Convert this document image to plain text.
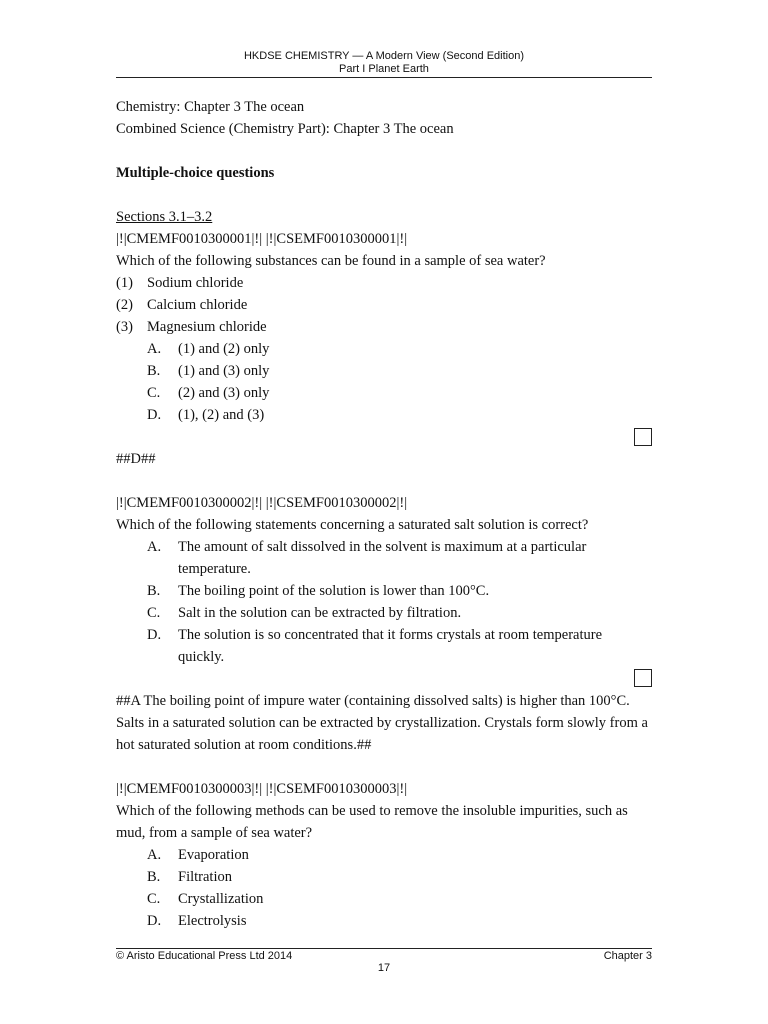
HKDSE CHEMISTRY — A Modern View (Second Edition)
Part I Planet Earth
Chemistry: Chapter 3 The ocean
Combined Science (Chemistry Part): Chapter 3 The ocean
Multiple-choice questions
Sections 3.1–3.2
|!|CMEMF0010300001|!| |!|CSEMF0010300001|!|
Which of the following substances can be found in a sample of sea water?
(1) Sodium chloride
(2) Calcium chloride
(3) Magnesium chloride
A.	(1) and (2) only
B.	(1) and (3) only
C.	(2) and (3) only
D.	(1), (2) and (3)
##D##
|!|CMEMF0010300002|!| |!|CSEMF0010300002|!|
Which of the following statements concerning a saturated salt solution is correct?
A.	The amount of salt dissolved in the solvent is maximum at a particular temperature.
B.	The boiling point of the solution is lower than 100°C.
C.	Salt in the solution can be extracted by filtration.
D.	The solution is so concentrated that it forms crystals at room temperature quickly.
##A The boiling point of impure water (containing dissolved salts) is higher than 100°C. Salts in a saturated solution can be extracted by crystallization. Crystals form slowly from a hot saturated solution at room conditions.##
|!|CMEMF0010300003|!| |!|CSEMF0010300003|!|
Which of the following methods can be used to remove the insoluble impurities, such as mud, from a sample of sea water?
A.	Evaporation
B.	Filtration
C.	Crystallization
D.	Electrolysis
© Aristo Educational Press Ltd 2014	Chapter 3
17
